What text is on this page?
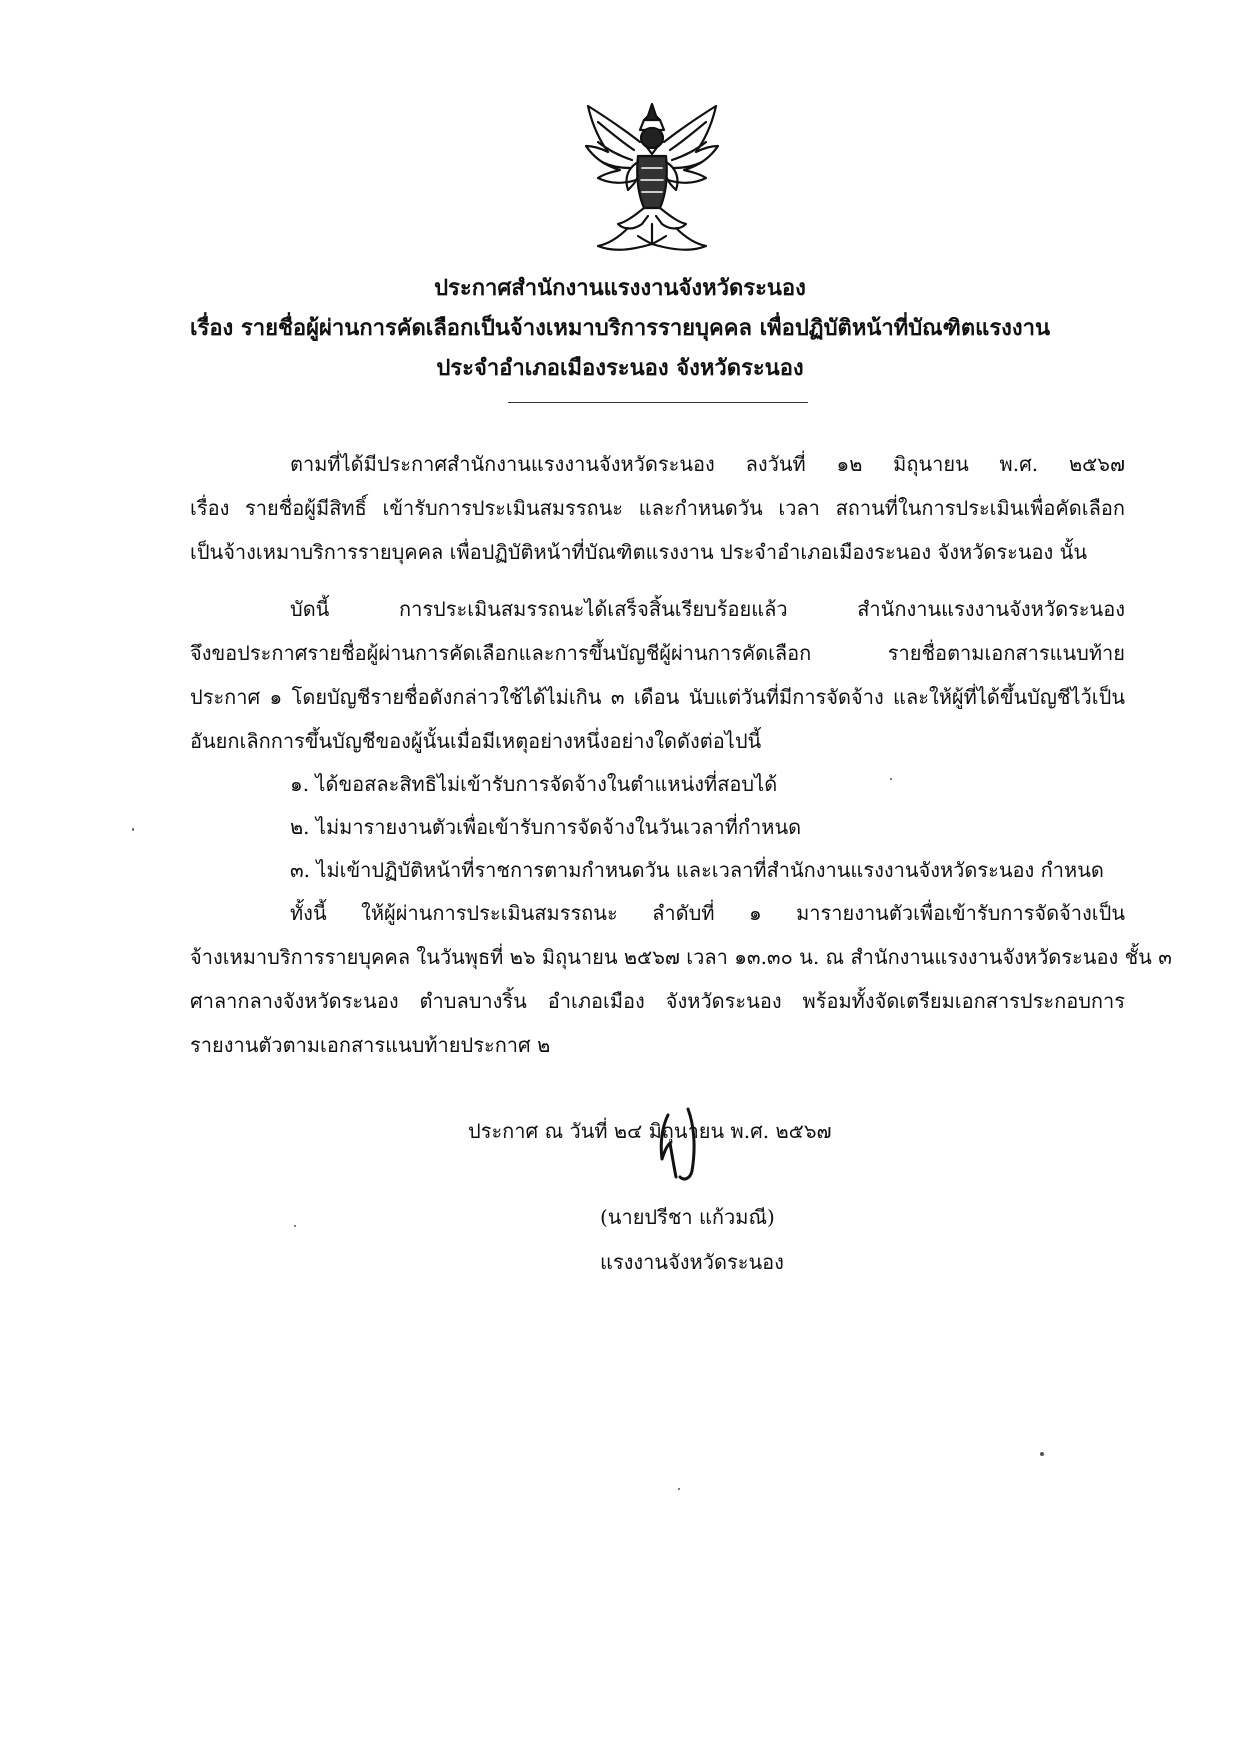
ประกาศสำนักงานแรงงานจังหวัดระนอง
เรื่อง รายชื่อผู้ผ่านการคัดเลือกเป็นจ้างเหมาบริการรายบุคคล เพื่อปฏิบัติหน้าที่บัณฑิตแรงงาน
ประจำอำเภอเมืองระนอง จังหวัดระนอง
ตามที่ได้มีประกาศสำนักงานแรงงานจังหวัดระนอง ลงวันที่ ๑๒ มิถุนายน พ.ศ. ๒๕๖๗
เรื่อง รายชื่อผู้มีสิทธิ์ เข้ารับการประเมินสมรรถนะ และกำหนดวัน เวลา สถานที่ในการประเมินเพื่อคัดเลือก
เป็นจ้างเหมาบริการรายบุคคล เพื่อปฏิบัติหน้าที่บัณฑิตแรงงาน ประจำอำเภอเมืองระนอง จังหวัดระนอง นั้น
บัดนี้ การประเมินสมรรถนะได้เสร็จสิ้นเรียบร้อยแล้ว สำนักงานแรงงานจังหวัดระนอง
จึงขอประกาศรายชื่อผู้ผ่านการคัดเลือกและการขึ้นบัญชีผู้ผ่านการคัดเลือก รายชื่อตามเอกสารแนบท้าย
ประกาศ ๑ โดยบัญชีรายชื่อดังกล่าวใช้ได้ไม่เกิน ๓ เดือน นับแต่วันที่มีการจัดจ้าง และให้ผู้ที่ได้ขึ้นบัญชีไว้เป็น
อันยกเลิกการขึ้นบัญชีของผู้นั้นเมื่อมีเหตุอย่างหนึ่งอย่างใดดังต่อไปนี้
๑. ได้ขอสละสิทธิไม่เข้ารับการจัดจ้างในตำแหน่งที่สอบได้
๒. ไม่มารายงานตัวเพื่อเข้ารับการจัดจ้างในวันเวลาที่กำหนด
๓. ไม่เข้าปฏิบัติหน้าที่ราชการตามกำหนดวัน และเวลาที่สำนักงานแรงงานจังหวัดระนอง กำหนด
ทั้งนี้ ให้ผู้ผ่านการประเมินสมรรถนะ ลำดับที่ ๑ มารายงานตัวเพื่อเข้ารับการจัดจ้างเป็น
จ้างเหมาบริการรายบุคคล ในวันพุธที่ ๒๖ มิถุนายน ๒๕๖๗ เวลา ๑๓.๓๐ น. ณ สำนักงานแรงงานจังหวัดระนอง ชั้น ๓
ศาลากลางจังหวัดระนอง ตำบลบางริ้น อำเภอเมือง จังหวัดระนอง พร้อมทั้งจัดเตรียมเอกสารประกอบการ
รายงานตัวตามเอกสารแนบท้ายประกาศ ๒
ประกาศ ณ วันที่ ๒๔ มิถุนายน พ.ศ. ๒๕๖๗
(นายปรีชา แก้วมณี)
แรงงานจังหวัดระนอง
